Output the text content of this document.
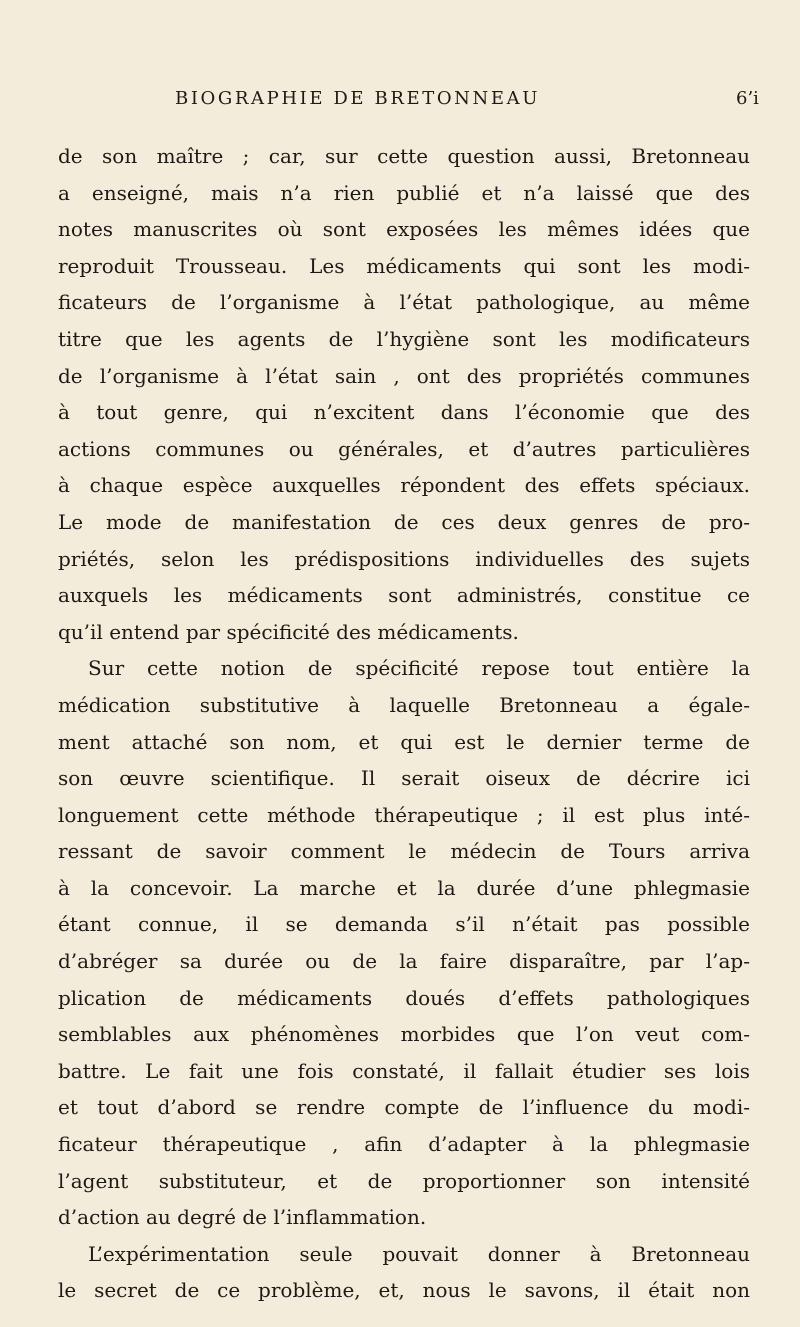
BIOGRAPHIE DE BRETONNEAU	6’i
de son maître ; car, sur cette question aussi, Bretonneau
a enseigné, mais n’a rien publié et n’a laissé que des
notes manuscrites où sont exposées les mêmes idées que
reproduit Trousseau. Les médicaments qui sont les modi-
ficateurs de l’organisme à l’état pathologique, au même
titre que les agents de l’hygiène sont les modificateurs
de l’organisme à l’état sain , ont des propriétés communes
à tout genre, qui n’excitent dans l’économie que des
actions communes ou générales, et d’autres particulières
à chaque espèce auxquelles répondent des effets spéciaux.
Le mode de manifestation de ces deux genres de pro-
priétés, selon les prédispositions individuelles des sujets
auxquels les médicaments sont administrés, constitue ce
qu’il entend par spécificité des médicaments.
Sur cette notion de spécificité repose tout entière la
médication substitutive à laquelle Bretonneau a égale-
ment attaché son nom, et qui est le dernier terme de
son œuvre scientifique. Il serait oiseux de décrire ici
longuement cette méthode thérapeutique ; il est plus inté-
ressant de savoir comment le médecin de Tours arriva
à la concevoir. La marche et la durée d’une phlegmasie
étant connue, il se demanda s’il n’était pas possible
d’abréger sa durée ou de la faire disparaître, par l’ap-
plication de médicaments doués d’effets pathologiques
semblables aux phénomènes morbides que l’on veut com-
battre. Le fait une fois constaté, il fallait étudier ses lois
et tout d’abord se rendre compte de l’influence du modi-
ficateur thérapeutique , afin d’adapter à la phlegmasie
l’agent substituteur, et de proportionner son intensité
d’action au degré de l’inflammation.
L’expérimentation seule pouvait donner à Bretonneau
le secret de ce problème, et, nous le savons, il était non
